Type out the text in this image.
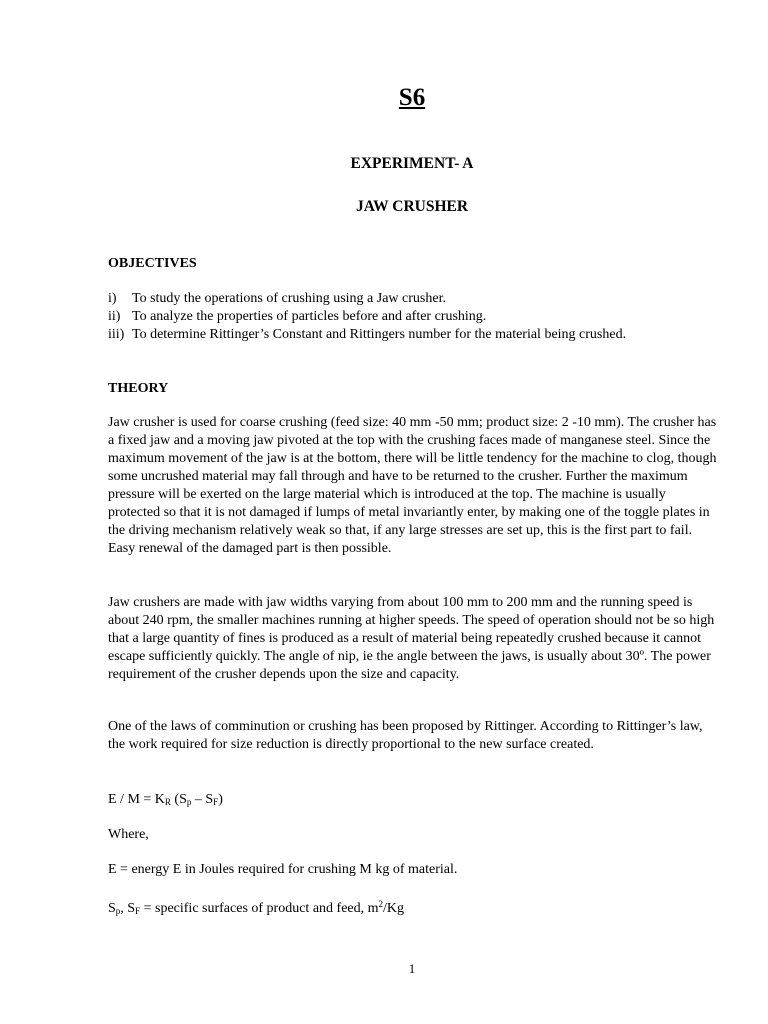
S6
EXPERIMENT- A
JAW CRUSHER
OBJECTIVES
i) To study the operations of crushing using a Jaw crusher.
ii) To analyze the properties of particles before and after crushing.
iii) To determine Rittinger’s Constant and Rittingers number for the material being crushed.
THEORY
Jaw crusher is used for coarse crushing (feed size: 40 mm -50 mm; product size: 2 -10 mm). The crusher has a fixed jaw and a moving jaw pivoted at the top with the crushing faces made of manganese steel. Since the maximum movement of the jaw is at the bottom, there will be little tendency for the machine to clog, though some uncrushed material may fall through and have to be returned to the crusher. Further the maximum pressure will be exerted on the large material which is introduced at the top. The machine is usually protected so that it is not damaged if lumps of metal invariantly enter, by making one of the toggle plates in the driving mechanism relatively weak so that, if any large stresses are set up, this is the first part to fail. Easy renewal of the damaged part is then possible.
Jaw crushers are made with jaw widths varying from about 100 mm to 200 mm and the running speed is about 240 rpm, the smaller machines running at higher speeds. The speed of operation should not be so high that a large quantity of fines is produced as a result of material being repeatedly crushed because it cannot escape sufficiently quickly. The angle of nip, ie the angle between the jaws, is usually about 30º. The power requirement of the crusher depends upon the size and capacity.
One of the laws of comminution or crushing has been proposed by Rittinger. According to Rittinger’s law, the work required for size reduction is directly proportional to the new surface created.
$E / M = K_R$ $(S_p - S_F)$
Where,
E = energy E in Joules required for crushing M kg of material.
$S_p$, $S_F$ = specific surfaces of product and feed, $m^2/Kg$
1
